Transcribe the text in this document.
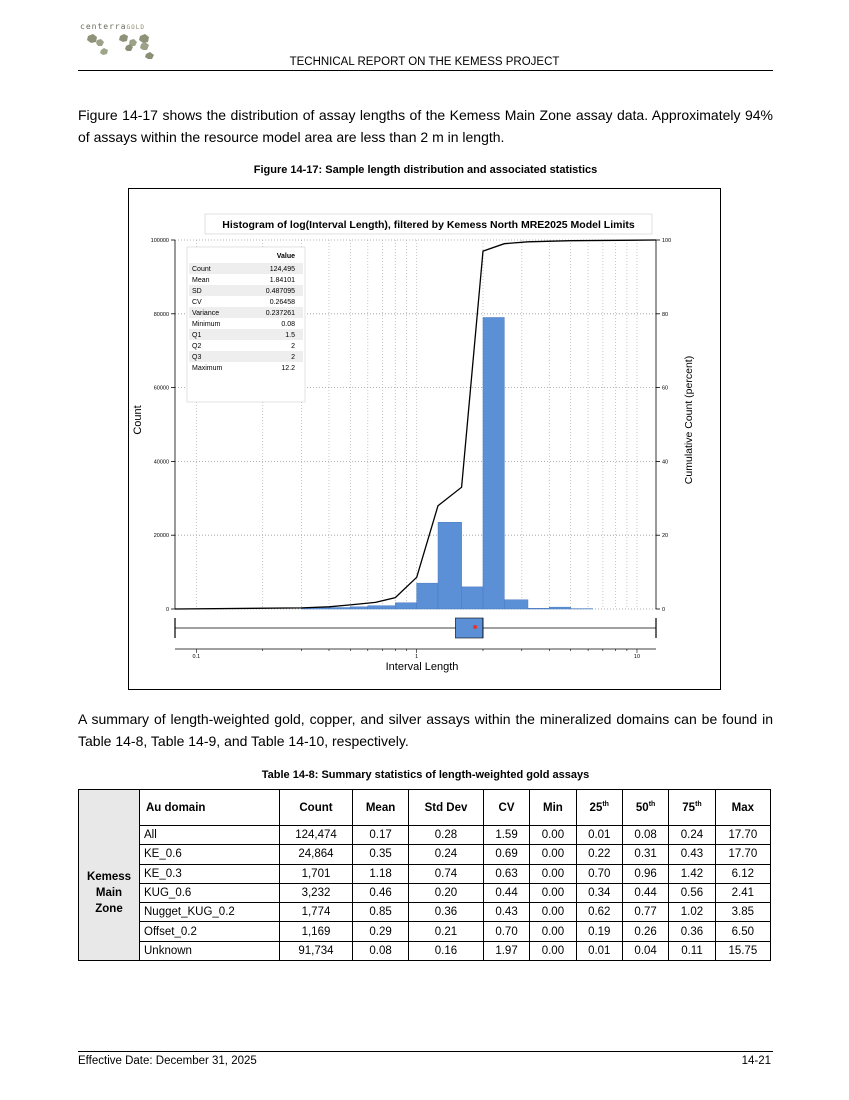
centerraGOLD
TECHNICAL REPORT ON THE KEMESS PROJECT

Figure 14-17 shows the distribution of assay lengths of the Kemess Main Zone assay data. Approximately 94% of assays within the resource model area are less than 2 m in length.

Figure 14-17: Sample length distribution and associated statistics
0
20000
40000
60000
80000
100000
0
20
40
60
80
100
0.1	1	10
Histogram of log(Interval Length), filtered by Kemess North MRE2025 Model Limits
Interval Length
Count	Cumulative Count (percent)
Value
Count	124,495
Mean	1.84101
SD	0.487095
CV	0.26458
Variance	0.237261
Minimum	0.08
Q1	1.5
Q2	2
Q3	2
Maximum	12.2

A summary of length-weighted gold, copper, and silver assays within the mineralized domains can be found in Table 14-8, Table 14-9, and Table 14-10, respectively.

Table 14-8: Summary statistics of length-weighted gold assays
	Au domain	Count	Mean	Std Dev	CV	Min	25th	50th	75th	Max
Kemess Main Zone	All	124,474	0.17	0.28	1.59	0.00	0.01	0.08	0.24	17.70
	KE_0.6	24,864	0.35	0.24	0.69	0.00	0.22	0.31	0.43	17.70
	KE_0.3	1,701	1.18	0.74	0.63	0.00	0.70	0.96	1.42	6.12
	KUG_0.6	3,232	0.46	0.20	0.44	0.00	0.34	0.44	0.56	2.41
	Nugget_KUG_0.2	1,774	0.85	0.36	0.43	0.00	0.62	0.77	1.02	3.85
	Offset_0.2	1,169	0.29	0.21	0.70	0.00	0.19	0.26	0.36	6.50
	Unknown	91,734	0.08	0.16	1.97	0.00	0.01	0.04	0.11	15.75
Effective Date: December 31, 2025	14-21
